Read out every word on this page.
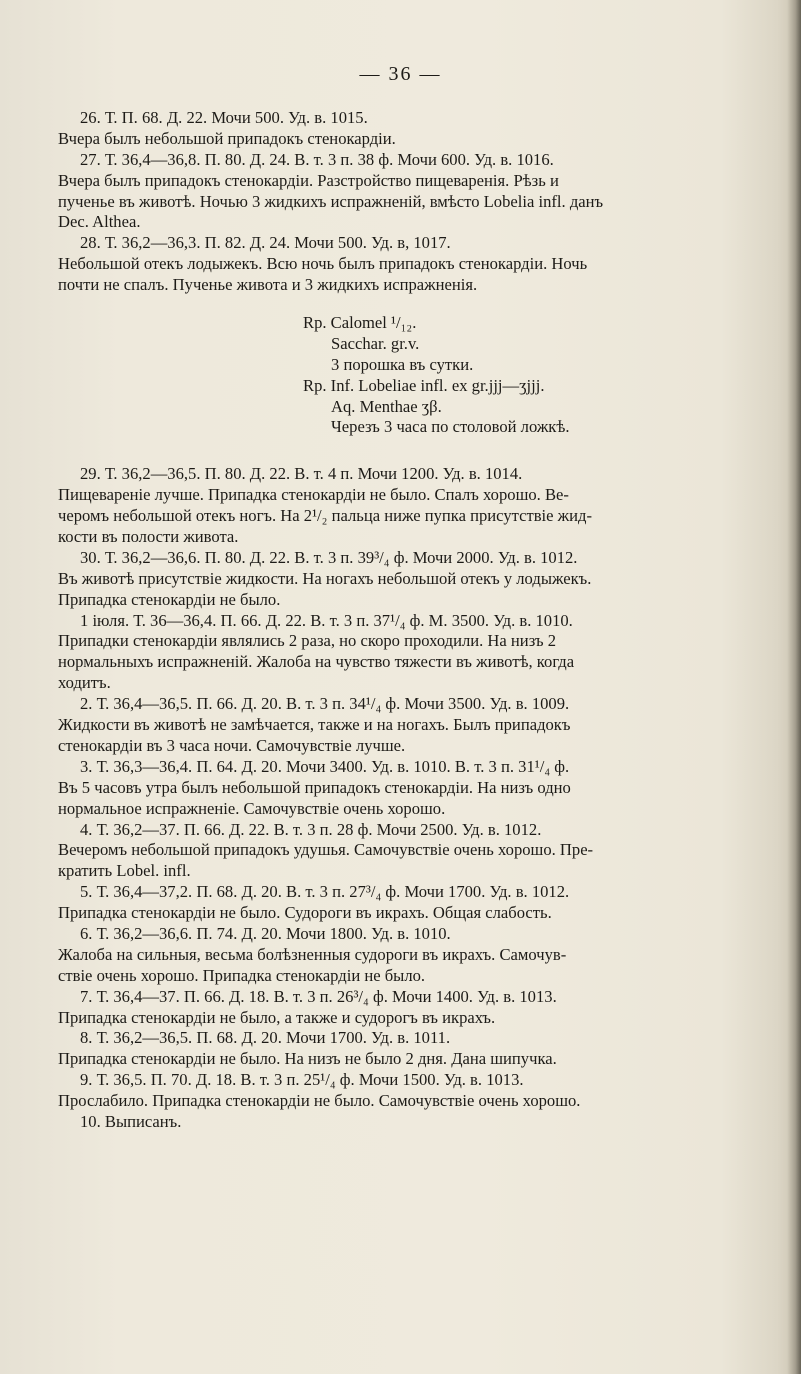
— 36 —
26. Т. П. 68. Д. 22. Мочи 500. Уд. в. 1015.
Вчера былъ небольшой припадокъ стенокардіи.
27. Т. 36,4—36,8. П. 80. Д. 24. В. т. 3 п. 38 ф. Мочи 600. Уд. в. 1016.
Вчера былъ припадокъ стенокардіи. Разстройство пищеваренія. Рѣзь и
пученье въ животѣ. Ночью 3 жидкихъ испражненій, вмѣсто Lobelia infl. данъ
Dec. Althea.
28. Т. 36,2—36,3. П. 82. Д. 24. Мочи 500. Уд. в, 1017.
Небольшой отекъ лодыжекъ. Всю ночь былъ припадокъ стенокардіи. Ночь
почти не спалъ. Пученье живота и 3 жидкихъ испражненія.
Rp. Calomel ¹/₁₂.
Sacchar. gr.v.
3 порошка въ сутки.
Rp. Inf. Lobeliae infl. ex gr.jjj—ʒjjj.
Aq. Menthae ʒβ.
Черезъ 3 часа по столовой ложкѣ.
29. Т. 36,2—36,5. П. 80. Д. 22. В. т. 4 п. Мочи 1200. Уд. в. 1014.
Пищевареніе лучше. Припадка стенокардіи не было. Спалъ хорошо. Ве-
черомъ небольшой отекъ ногъ. На 2¹/₂ пальца ниже пупка присутствіе жид-
кости въ полости живота.
30. Т. 36,2—36,6. П. 80. Д. 22. В. т. 3 п. 39³/₄ ф. Мочи 2000. Уд. в. 1012.
Въ животѣ присутствіе жидкости. На ногахъ небольшой отекъ у лодыжекъ.
Припадка стенокардіи не было.
1 іюля. Т. 36—36,4. П. 66. Д. 22. В. т. 3 п. 37¹/₄ ф. М. 3500. Уд. в. 1010.
Припадки стенокардіи являлись 2 раза, но скоро проходили. На низъ 2
нормальныхъ испражненій. Жалоба на чувство тяжести въ животѣ, когда
ходитъ.
2. Т. 36,4—36,5. П. 66. Д. 20. В. т. 3 п. 34¹/₄ ф. Мочи 3500. Уд. в. 1009.
Жидкости въ животѣ не замѣчается, также и на ногахъ. Былъ припадокъ
стенокардіи въ 3 часа ночи. Самочувствіе лучше.
3. Т. 36,3—36,4. П. 64. Д. 20. Мочи 3400. Уд. в. 1010. В. т. 3 п. 31¹/₄ ф.
Въ 5 часовъ утра былъ небольшой припадокъ стенокардіи. На низъ одно
нормальное испражненіе. Самочувствіе очень хорошо.
4. Т. 36,2—37. П. 66. Д. 22. В. т. 3 п. 28 ф. Мочи 2500. Уд. в. 1012.
Вечеромъ небольшой припадокъ удушья. Самочувствіе очень хорошо. Пре-
кратить Lobel. infl.
5. Т. 36,4—37,2. П. 68. Д. 20. В. т. 3 п. 27³/₄ ф. Мочи 1700. Уд. в. 1012.
Припадка стенокардіи не было. Судороги въ икрахъ. Общая слабость.
6. Т. 36,2—36,6. П. 74. Д. 20. Мочи 1800. Уд. в. 1010.
Жалоба на сильныя, весьма болѣзненныя судороги въ икрахъ. Самочув-
ствіе очень хорошо. Припадка стенокардіи не было.
7. Т. 36,4—37. П. 66. Д. 18. В. т. 3 п. 26³/₄ ф. Мочи 1400. Уд. в. 1013.
Припадка стенокардіи не было, а также и судорогъ въ икрахъ.
8. Т. 36,2—36,5. П. 68. Д. 20. Мочи 1700. Уд. в. 1011.
Припадка стенокардіи не было. На низъ не было 2 дня. Дана шипучка.
9. Т. 36,5. П. 70. Д. 18. В. т. 3 п. 25¹/₄ ф. Мочи 1500. Уд. в. 1013.
Прослабило. Припадка стенокардіи не было. Самочувствіе очень хорошо.
10. Выписанъ.
